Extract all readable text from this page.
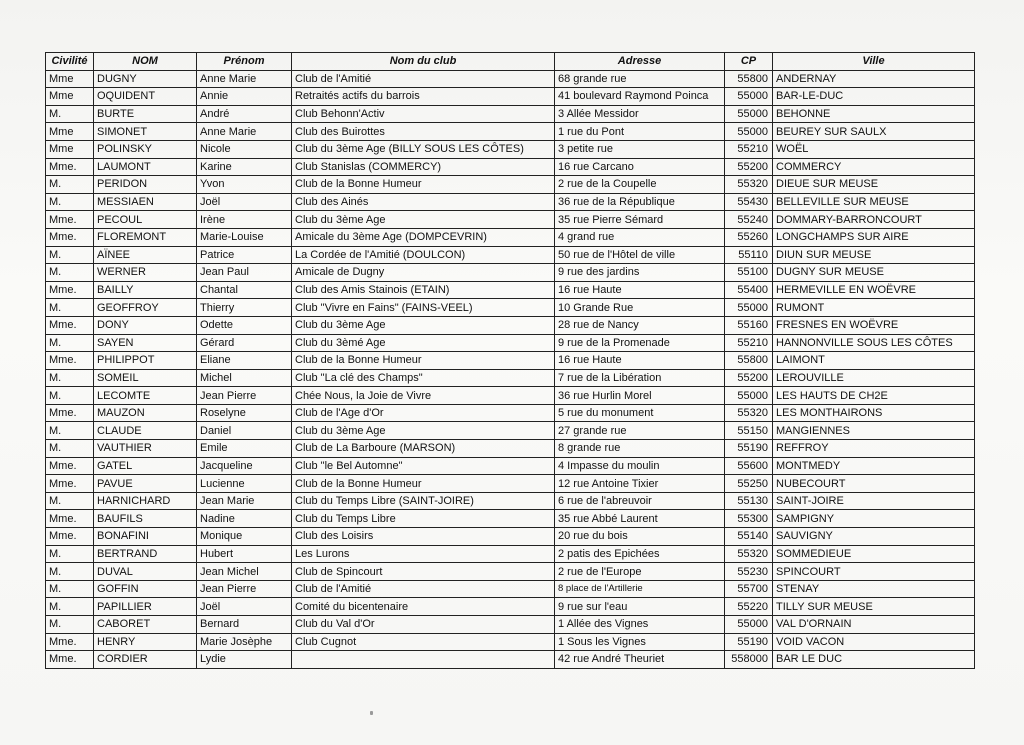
Civilité	NOM	Prénom	Nom du club	Adresse	CP	Ville
Mme	DUGNY	Anne Marie	Club de l'Amitié	68 grande rue	55800	ANDERNAY
Mme	OQUIDENT	Annie	Retraités actifs du barrois	41 boulevard Raymond Poinca	55000	BAR-LE-DUC
M.	BURTE	André	Club Behonn'Activ	3 Allée Messidor	55000	BEHONNE
Mme	SIMONET	Anne Marie	Club des Buirottes	1 rue du Pont	55000	BEUREY SUR SAULX
Mme	POLINSKY	Nicole	Club du 3ème Age (BILLY SOUS LES CÔTES)	3 petite rue	55210	WOËL
Mme.	LAUMONT	Karine	Club Stanislas (COMMERCY)	16 rue Carcano	55200	COMMERCY
M.	PERIDON	Yvon	Club de la Bonne Humeur	2 rue de la Coupelle	55320	DIEUE SUR MEUSE
M.	MESSIAEN	Joël	Club des Ainés	36 rue de la République	55430	BELLEVILLE SUR MEUSE
Mme.	PECOUL	Irène	Club du 3ème Age	35 rue Pierre Sémard	55240	DOMMARY-BARRONCOURT
Mme.	FLOREMONT	Marie-Louise	Amicale du 3ème Age (DOMPCEVRIN)	4 grand rue	55260	LONGCHAMPS SUR AIRE
M.	AÏNEE	Patrice	La Cordée de l'Amitié (DOULCON)	50 rue de l'Hôtel de ville	55110	DIUN SUR MEUSE
M.	WERNER	Jean Paul	Amicale de Dugny	9 rue des jardins	55100	DUGNY SUR MEUSE
Mme.	BAILLY	Chantal	Club des Amis Stainois (ETAIN)	16 rue Haute	55400	HERMEVILLE EN WOËVRE
M.	GEOFFROY	Thierry	Club "Vivre en Fains" (FAINS-VEEL)	10 Grande Rue	55000	RUMONT
Mme.	DONY	Odette	Club du 3ème Age	28 rue de Nancy	55160	FRESNES EN WOËVRE
M.	SAYEN	Gérard	Club du 3èmé Age	9 rue de la Promenade	55210	HANNONVILLE SOUS LES CÔTES
Mme.	PHILIPPOT	Eliane	Club de la Bonne Humeur	16 rue Haute	55800	LAIMONT
M.	SOMEIL	Michel	Club "La clé des Champs"	7 rue de la Libération	55200	LEROUVILLE
M.	LECOMTE	Jean Pierre	Chée Nous, la Joie de Vivre	36 rue Hurlin Morel	55000	LES HAUTS DE CH2E
Mme.	MAUZON	Roselyne	Club de l'Age d'Or	5 rue du monument	55320	LES MONTHAIRONS
M.	CLAUDE	Daniel	Club du 3ème Age	27 grande rue	55150	MANGIENNES
M.	VAUTHIER	Emile	Club de La Barboure (MARSON)	8 grande rue	55190	REFFROY
Mme.	GATEL	Jacqueline	Club "le Bel Automne"	4 Impasse du moulin	55600	MONTMEDY
Mme.	PAVUE	Lucienne	Club de la Bonne Humeur	12 rue Antoine Tixier	55250	NUBECOURT
M.	HARNICHARD	Jean Marie	Club du Temps Libre (SAINT-JOIRE)	6 rue de l'abreuvoir	55130	SAINT-JOIRE
Mme.	BAUFILS	Nadine	Club du Temps Libre	35 rue Abbé Laurent	55300	SAMPIGNY
Mme.	BONAFINI	Monique	Club des Loisirs	20 rue du bois	55140	SAUVIGNY
M.	BERTRAND	Hubert	Les Lurons	2 patis des Epichées	55320	SOMMEDIEUE
M.	DUVAL	Jean Michel	Club de Spincourt	2 rue de l'Europe	55230	SPINCOURT
M.	GOFFIN	Jean Pierre	Club de l'Amitié	8 place de l'Artillerie	55700	STENAY
M.	PAPILLIER	Joël	Comité du bicentenaire	9 rue sur l'eau	55220	TILLY SUR MEUSE
M.	CABORET	Bernard	Club du Val d'Or	1 Allée des Vignes	55000	VAL D'ORNAIN
Mme.	HENRY	Marie Josèphe	Club Cugnot	1 Sous les Vignes	55190	VOID VACON
Mme.	CORDIER	Lydie		42 rue André Theuriet	558000	BAR LE DUC
